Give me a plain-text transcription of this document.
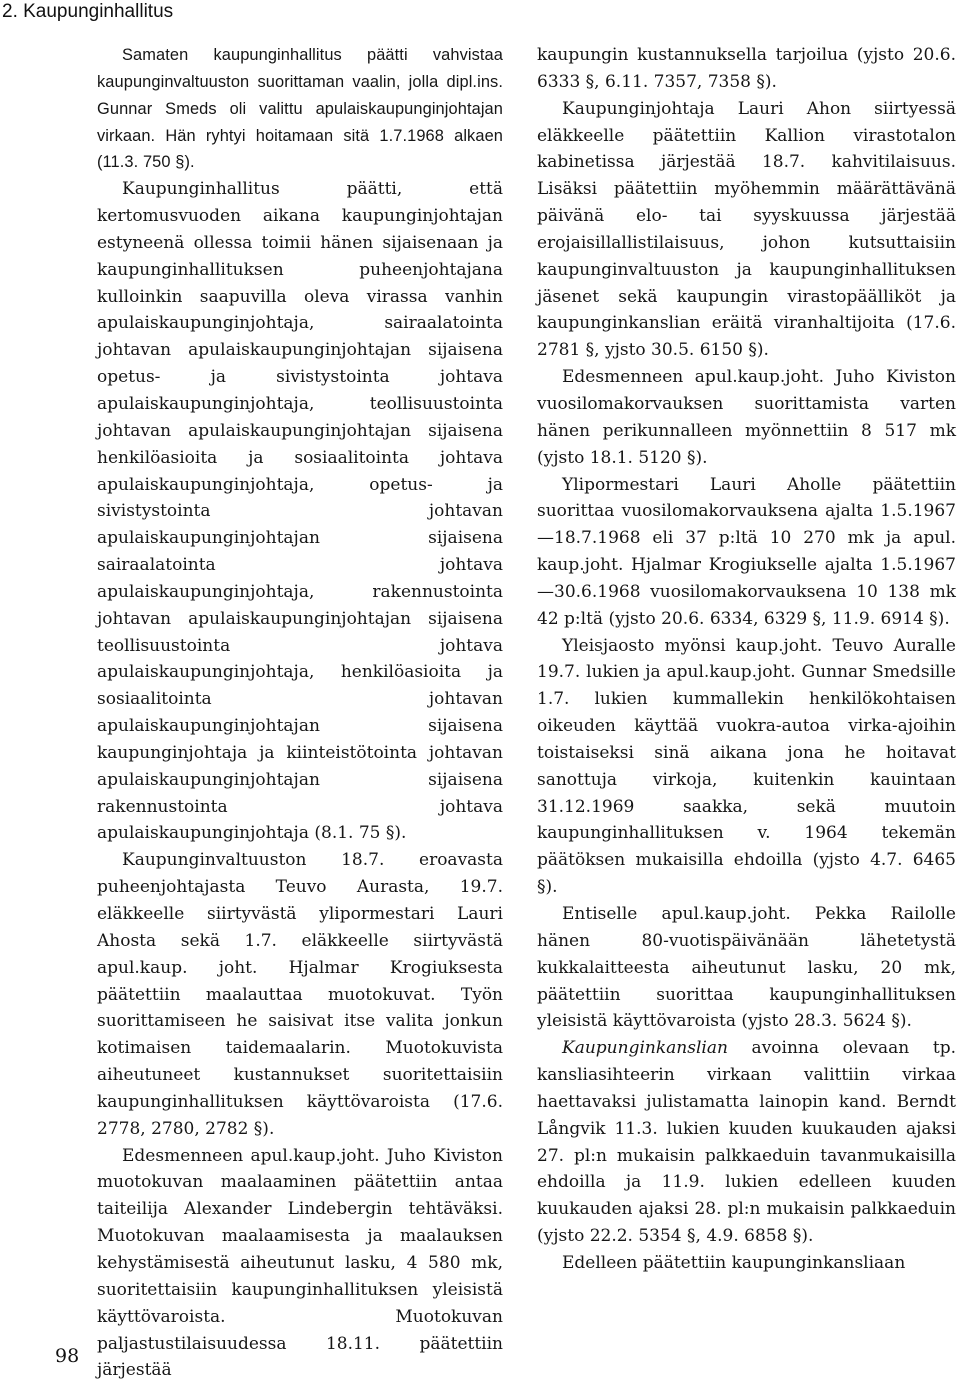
2. Kaupunginhallitus

Samaten kaupunginhallitus päätti vahvistaa kaupunginvaltuuston suorittaman vaalin, jolla dipl.ins. Gunnar Smeds oli valittu apulaiskaupunginjohtajan virkaan. Hän ryhtyi hoitamaan sitä 1.7.1968 alkaen (11.3. 750 §).

Kaupunginhallitus päätti, että kertomusvuoden aikana kaupunginjohtajan estyneenä ollessa toimii hänen sijaisenaan ja kaupunginhallituksen puheenjohtajana kulloinkin saapuvilla oleva virassa vanhin apulaiskaupunginjohtaja, sairaalatointa johtavan apulaiskaupunginjohtajan sijaisena opetus- ja sivistystointa johtava apulaiskaupunginjohtaja, teollisuustointa johtavan apulaiskaupunginjohtajan sijaisena henkilöasioita ja sosiaalitointa johtava apulaiskaupunginjohtaja, opetus- ja sivistystointa johtavan apulaiskaupunginjohtajan sijaisena sairaalatointa johtava apulaiskaupunginjohtaja, rakennustointa johtavan apulaiskaupunginjohtajan sijaisena teollisuustointa johtava apulaiskaupunginjohtaja, henkilöasioita ja sosiaalitointa johtavan apulaiskaupunginjohtajan sijaisena kaupunginjohtaja ja kiinteistötointa johtavan apulaiskaupunginjohtajan sijaisena rakennustointa johtava apulaiskaupunginjohtaja (8.1. 75 §).

Kaupunginvaltuuston 18.7. eroavasta puheenjohtajasta Teuvo Aurasta, 19.7. eläkkeelle siirtyvästä ylipormestari Lauri Ahosta sekä 1.7. eläkkeelle siirtyvästä apul.kaup. joht. Hjalmar Krogiuksesta päätettiin maalauttaa muotokuvat. Työn suorittamiseen he saisivat itse valita jonkun kotimaisen taidemaalarin. Muotokuvista aiheutuneet kustannukset suoritettaisiin kaupunginhallituksen käyttövaroista (17.6. 2778, 2780, 2782 §).

Edesmenneen apul.kaup.joht. Juho Kiviston muotokuvan maalaaminen päätettiin antaa taiteilija Alexander Lindebergin tehtäväksi. Muotokuvan maalaamisesta ja maalauksen kehystämisestä aiheutunut lasku, 4 580 mk, suoritettaisiin kaupunginhallituksen yleisistä käyttövaroista. Muotokuvan paljastustilaisuudessa 18.11. päätettiin järjestää

kaupungin kustannuksella tarjoilua (yjsto 20.6. 6333 §, 6.11. 7357, 7358 §).

Kaupunginjohtaja Lauri Ahon siirtyessä eläkkeelle päätettiin Kallion virastotalon kabinetissa järjestää 18.7. kahvitilaisuus. Lisäksi päätettiin myöhemmin määrättävänä päivänä elo- tai syyskuussa järjestää erojaisillallistilaisuus, johon kutsuttaisiin kaupunginvaltuuston ja kaupunginhallituksen jäsenet sekä kaupungin virastopäälliköt ja kaupunginkanslian eräitä viranhaltijoita (17.6. 2781 §, yjsto 30.5. 6150 §).

Edesmenneen apul.kaup.joht. Juho Kiviston vuosilomakorvauksen suorittamista varten hänen perikunnalleen myönnettiin 8 517 mk (yjsto 18.1. 5120 §).

Ylipormestari Lauri Aholle päätettiin suorittaa vuosilomakorvauksena ajalta 1.5.1967 —18.7.1968 eli 37 p:ltä 10 270 mk ja apul. kaup.joht. Hjalmar Krogiukselle ajalta 1.5.1967—30.6.1968 vuosilomakorvauksena 10 138 mk 42 p:ltä (yjsto 20.6. 6334, 6329 §, 11.9. 6914 §).

Yleisjaosto myönsi kaup.joht. Teuvo Auralle 19.7. lukien ja apul.kaup.joht. Gunnar Smedsille 1.7. lukien kummallekin henkilökohtaisen oikeuden käyttää vuokra-autoa virka-ajoihin toistaiseksi sinä aikana jona he hoitavat sanottuja virkoja, kuitenkin kauintaan 31.12.1969 saakka, sekä muutoin kaupunginhallituksen v. 1964 tekemän päätöksen mukaisilla ehdoilla (yjsto 4.7. 6465 §).

Entiselle apul.kaup.joht. Pekka Railolle hänen 80-vuotispäivänään lähetetystä kukkalaitteesta aiheutunut lasku, 20 mk, päätettiin suorittaa kaupunginhallituksen yleisistä käyttövaroista (yjsto 28.3. 5624 §).

Kaupunginkanslian avoinna olevaan tp. kansliasihteerin virkaan valittiin virkaa haettavaksi julistamatta lainopin kand. Berndt Långvik 11.3. lukien kuuden kuukauden ajaksi 27. pl:n mukaisin palkkaeduin tavanmukaisilla ehdoilla ja 11.9. lukien edelleen kuuden kuukauden ajaksi 28. pl:n mukaisin palkkaeduin (yjsto 22.2. 5354 §, 4.9. 6858 §).

Edelleen päätettiin kaupunginkansliaan

98
